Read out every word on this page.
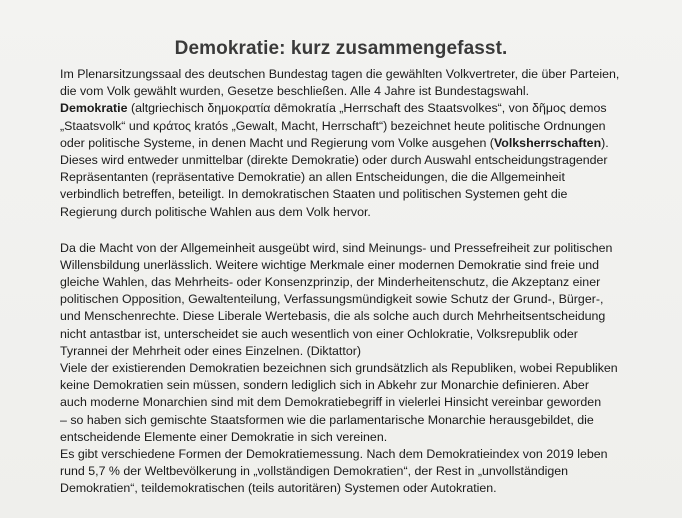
Demokratie: kurz zusammengefasst.
Im Plenarsitzungssaal des deutschen Bundestag tagen die gewählten Volkvertreter, die über Parteien,
die vom Volk gewählt wurden, Gesetze beschließen. Alle 4 Jahre ist Bundestagswahl.
Demokratie (altgriechisch δημοκρατία dēmokratía „Herrschaft des Staatsvolkes“, von δῆμος demos
„Staatsvolk“ und κράτος kratós „Gewalt, Macht, Herrschaft“) bezeichnet heute politische Ordnungen
oder politische Systeme, in denen Macht und Regierung vom Volke ausgehen (Volksherrschaften).
Dieses wird entweder unmittelbar (direkte Demokratie) oder durch Auswahl entscheidungstragender
Repräsentanten (repräsentative Demokratie) an allen Entscheidungen, die die Allgemeinheit
verbindlich betreffen, beteiligt. In demokratischen Staaten und politischen Systemen geht die
Regierung durch politische Wahlen aus dem Volk hervor.
Da die Macht von der Allgemeinheit ausgeübt wird, sind Meinungs- und Pressefreiheit zur politischen
Willensbildung unerlässlich. Weitere wichtige Merkmale einer modernen Demokratie sind freie und
gleiche Wahlen, das Mehrheits- oder Konsenzprinzip, der Minderheitenschutz, die Akzeptanz einer
politischen Opposition, Gewaltenteilung, Verfassungsmündigkeit sowie Schutz der Grund-, Bürger-,
und Menschenrechte. Diese Liberale Wertebasis, die als solche auch durch Mehrheitsentscheidung
nicht antastbar ist, unterscheidet sie auch wesentlich von einer Ochlokratie, Volksrepublik oder
Tyrannei der Mehrheit oder eines Einzelnen. (Diktattor)
Viele der existierenden Demokratien bezeichnen sich grundsätzlich als Republiken, wobei Republiken
keine Demokratien sein müssen, sondern lediglich sich in Abkehr zur Monarchie definieren. Aber
auch moderne Monarchien sind mit dem Demokratiebegriff in vielerlei Hinsicht vereinbar geworden
– so haben sich gemischte Staatsformen wie die parlamentarische Monarchie herausgebildet, die
entscheidende Elemente einer Demokratie in sich vereinen.
Es gibt verschiedene Formen der Demokratiemessung. Nach dem Demokratieindex von 2019 leben
rund 5,7 % der Weltbevölkerung in „vollständigen Demokratien“, der Rest in „unvollständigen
Demokratien“, teildemokratischen (teils autoritären) Systemen oder Autokratien.
